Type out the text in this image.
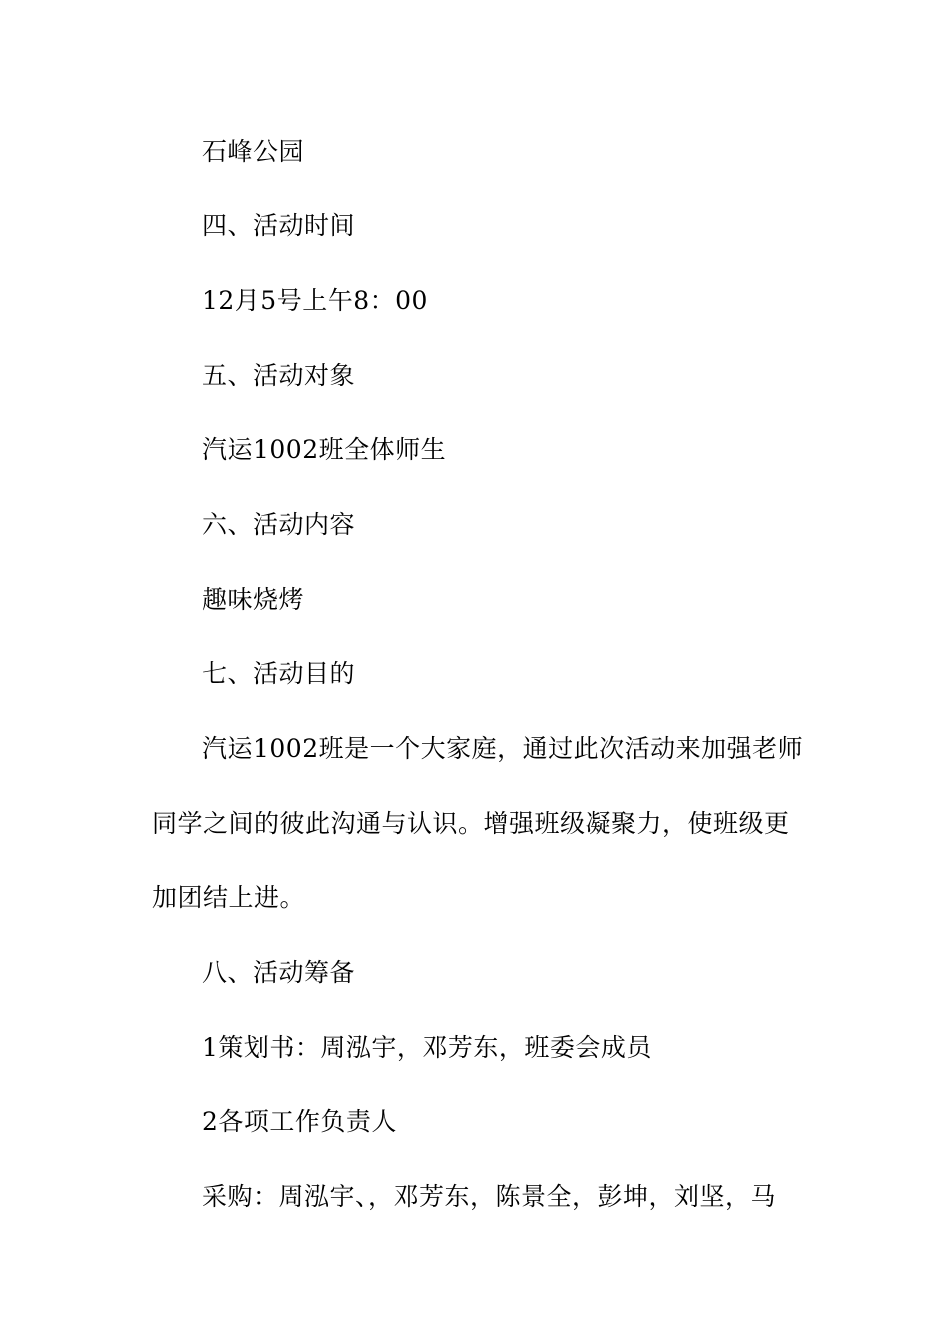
石峰公园

四、活动时间

12月5号上午8：00

五、活动对象

汽运1002班全体师生

六、活动内容

趣味烧烤

七、活动目的

汽运1002班是一个大家庭，通过此次活动来加强老师

同学之间的彼此沟通与认识。增强班级凝聚力，使班级更

加团结上进。

八、活动筹备

1策划书：周泓宇，邓芳东，班委会成员

2各项工作负责人

采购：周泓宇、，邓芳东，陈景全，彭坤，刘坚，马
